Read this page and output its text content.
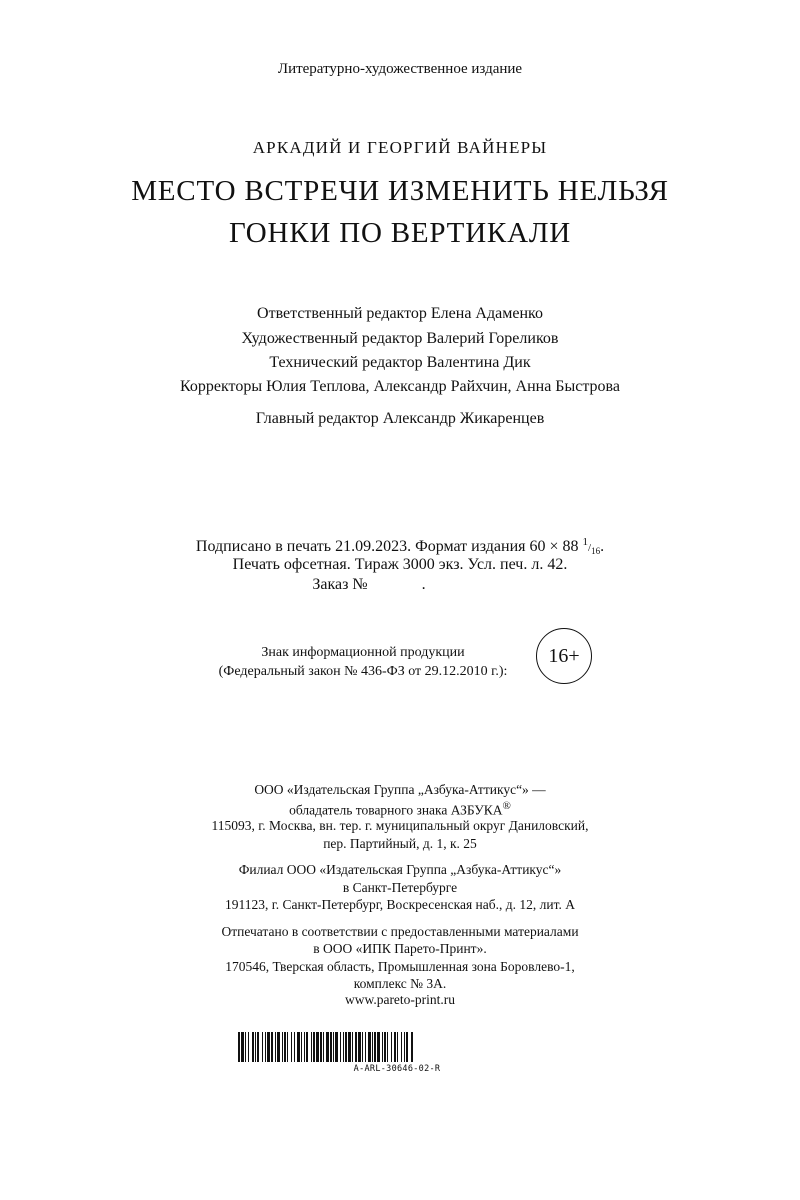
Литературно-художественное издание
АРКАДИЙ И ГЕОРГИЙ ВАЙНЕРЫ
МЕСТО ВСТРЕЧИ ИЗМЕНИТЬ НЕЛЬЗЯ
ГОНКИ ПО ВЕРТИКАЛИ
Ответственный редактор Елена Адаменко
Художественный редактор Валерий Гореликов
Технический редактор Валентина Дик
Корректоры Юлия Теплова, Александр Райхчин, Анна Быстрова
Главный редактор Александр Жикаренцев
Подписано в печать 21.09.2023. Формат издания 60 × 88 $1/_{16}$.
Печать офсетная. Тираж 3000 экз. Усл. печ. л. 42.
Заказ №	.
Знак информационной продукции
(Федеральный закон № 436-ФЗ от 29.12.2010 г.):
16+
ООО «Издательская Группа „Азбука-Аттикус“» —
обладатель товарного знака АЗБУКА®
115093, г. Москва, вн. тер. г. муниципальный округ Даниловский,
пер. Партийный, д. 1, к. 25
Филиал ООО «Издательская Группа „Азбука-Аттикус“»
в Санкт-Петербурге
191123, г. Санкт-Петербург, Воскресенская наб., д. 12, лит. А
Отпечатано в соответствии с предоставленными материалами
в ООО «ИПК Парето-Принт».
170546, Тверская область, Промышленная зона Боровлево-1,
комплекс № 3А.
www.pareto-print.ru
A-ARL-30646-02-R
